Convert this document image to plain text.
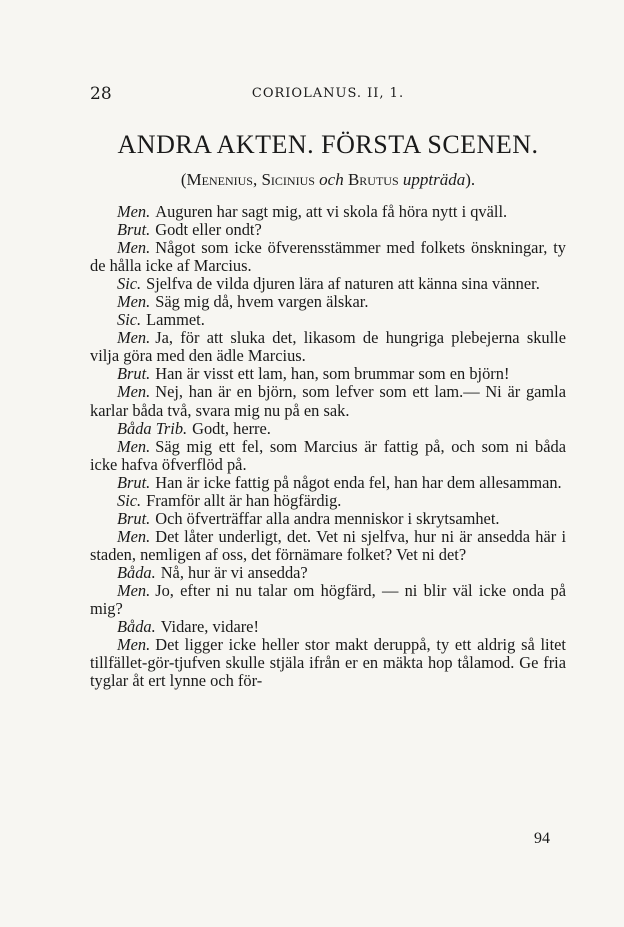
28	CORIOLANUS. II, 1.
ANDRA AKTEN. FÖRSTA SCENEN.
(Menenius, Sicinius och Brutus uppträda).

Men. Auguren har sagt mig, att vi skola få höra nytt i qväll.

Brut. Godt eller ondt?

Men. Något som icke öfverensstämmer med folkets önskningar, ty de hålla icke af Marcius.

Sic. Sjelfva de vilda djuren lära af naturen att känna sina vänner.

Men. Säg mig då, hvem vargen älskar.

Sic. Lammet.

Men. Ja, för att sluka det, likasom de hungriga plebejerna skulle vilja göra med den ädle Marcius.

Brut. Han är visst ett lam, han, som brummar som en björn!

Men. Nej, han är en björn, som lefver som ett lam.— Ni är gamla karlar båda två, svara mig nu på en sak.

Båda Trib. Godt, herre.

Men. Säg mig ett fel, som Marcius är fattig på, och som ni båda icke hafva öfverflöd på.

Brut. Han är icke fattig på något enda fel, han har dem allesamman.

Sic. Framför allt är han högfärdig.

Brut. Och öfverträffar alla andra menniskor i skrytsamhet.

Men. Det låter underligt, det. Vet ni sjelfva, hur ni är ansedda här i staden, nemligen af oss, det förnämare folket? Vet ni det?

Båda. Nå, hur är vi ansedda?

Men. Jo, efter ni nu talar om högfärd, — ni blir väl icke onda på mig?

Båda. Vidare, vidare!

Men. Det ligger icke heller stor makt deruppå, ty ett aldrig så litet tillfället-gör-tjufven skulle stjäla ifrån er en mäkta hop tålamod. Ge fria tyglar åt ert lynne och för-

94
